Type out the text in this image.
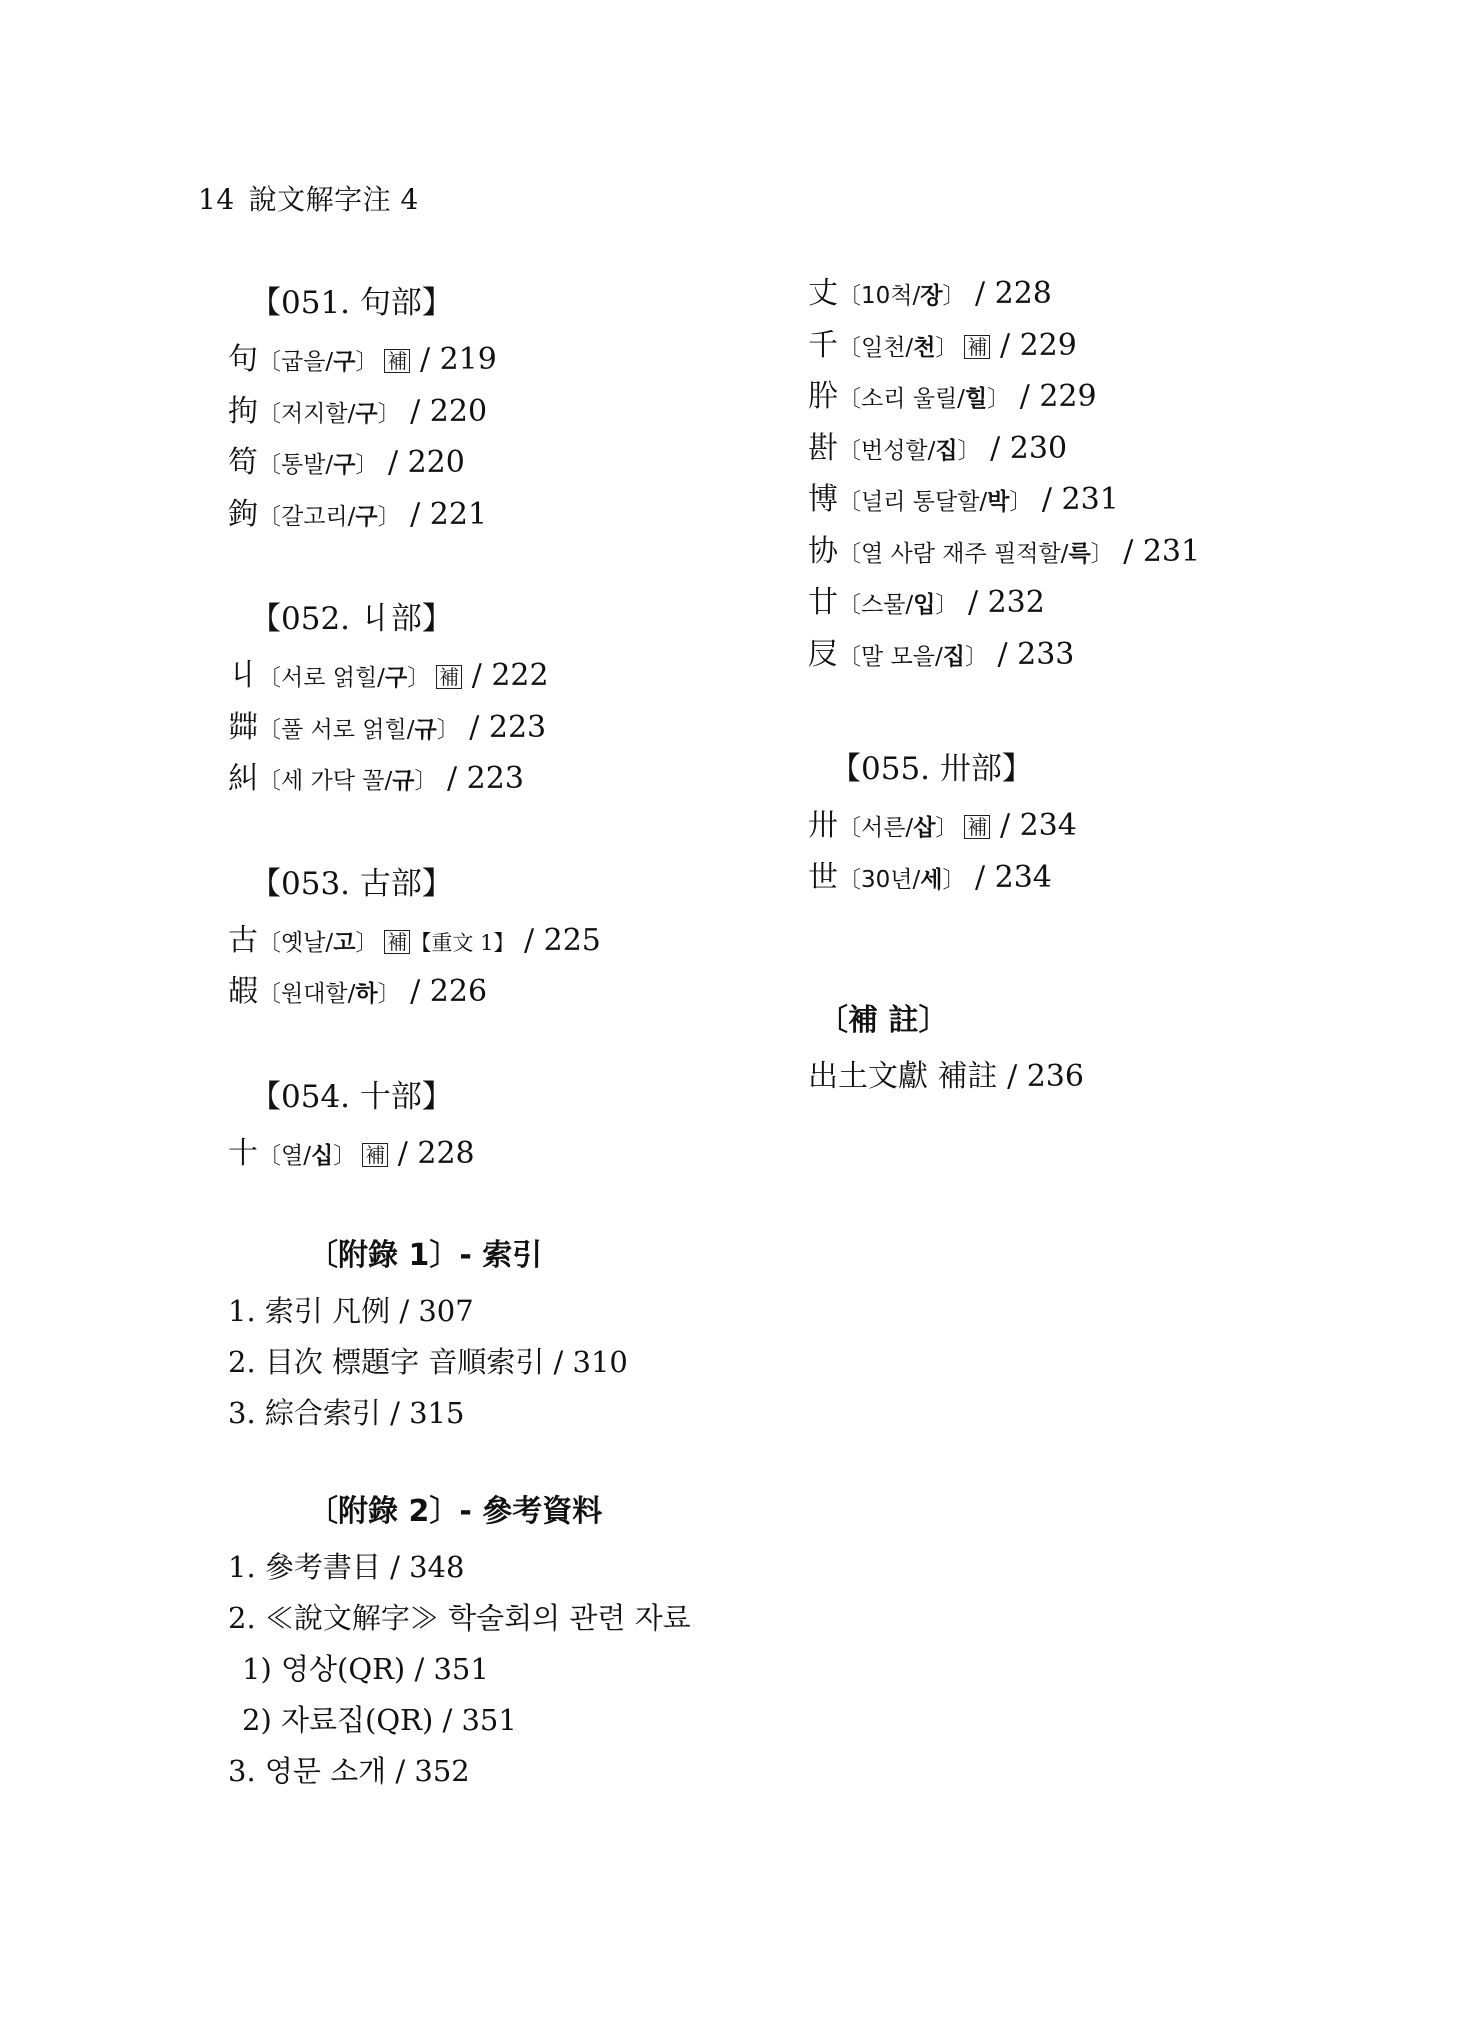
14 說文解字注 4
【051. 句部】
句〔굽을/구〕 補 / 219
拘〔저지할/구〕 / 220
笱〔통발/구〕 / 220
鉤〔갈고리/구〕 / 221
【052. 丩部】
丩〔서로 얽힐/구〕 補 / 222
茻〔풀 서로 얽힐/규〕 / 223
糾〔세 가닥 꼴/규〕 / 223
【053. 古部】
古〔옛날/고〕 補 【重文 1】 / 225
嘏〔원대할/하〕 / 226
【054. 十部】
十〔열/십〕 補 / 228
丈〔10척/장〕 / 228
千〔일천/천〕 補 / 229
肸〔소리 울릴/힐〕 / 229
卙〔번성할/집〕 / 230
博〔널리 통달할/박〕 / 231
协〔열 사람 재주 필적할/륵〕 / 231
廿〔스물/입〕 / 232
㞋〔말 모을/집〕 / 233
【055. 卅部】
卅〔서른/삽〕 補 / 234
世〔30년/세〕 / 234
〔補 註〕
出土文獻 補註 / 236
〔附錄 1〕- 索引
1. 索引 凡例 / 307
2. 目次 標題字 音順索引 / 310
3. 綜合索引 / 315
〔附錄 2〕- 參考資料
1. 參考書目 / 348
2. ≪說文解字≫ 학술회의 관련 자료
1) 영상(QR) / 351
2) 자료집(QR) / 351
3. 영문 소개 / 352
